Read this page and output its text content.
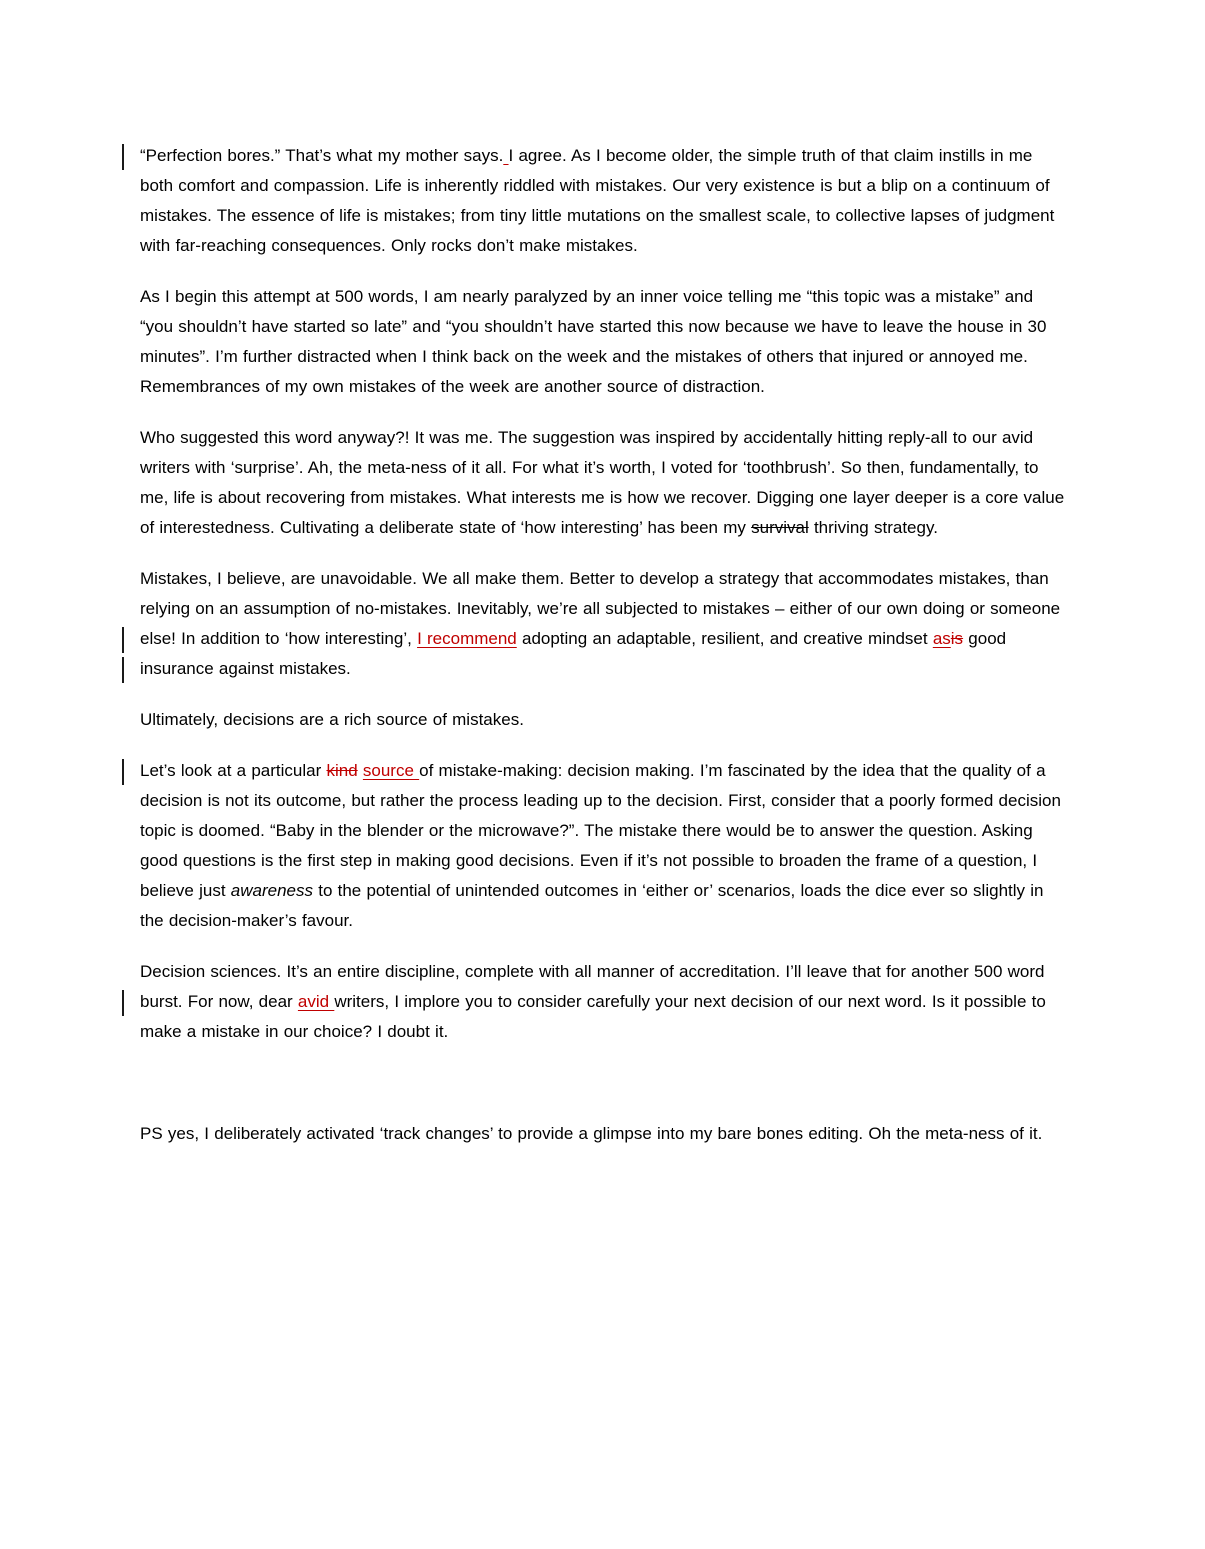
“Perfection bores.” That’s what my mother says. I agree. As I become older, the simple truth of that claim instills in me both comfort and compassion. Life is inherently riddled with mistakes. Our very existence is but a blip on a continuum of mistakes. The essence of life is mistakes; from tiny little mutations on the smallest scale, to collective lapses of judgment with far-reaching consequences. Only rocks don’t make mistakes.

As I begin this attempt at 500 words, I am nearly paralyzed by an inner voice telling me “this topic was a mistake” and “you shouldn’t have started so late” and “you shouldn’t have started this now because we have to leave the house in 30 minutes”. I’m further distracted when I think back on the week and the mistakes of others that injured or annoyed me. Remembrances of my own mistakes of the week are another source of distraction.

Who suggested this word anyway?! It was me. The suggestion was inspired by accidentally hitting reply-all to our avid writers with ‘surprise’. Ah, the meta-ness of it all. For what it’s worth, I voted for ‘toothbrush’. So then, fundamentally, to me, life is about recovering from mistakes. What interests me is how we recover. Digging one layer deeper is a core value of interestedness. Cultivating a deliberate state of ‘how interesting’ has been my survival thriving strategy.

Mistakes, I believe, are unavoidable. We all make them. Better to develop a strategy that accommodates mistakes, than relying on an assumption of no-mistakes. Inevitably, we’re all subjected to mistakes – either of our own doing or someone else! In addition to ‘how interesting’, I recommend adopting an adaptable, resilient, and creative mindset asis good insurance against mistakes.

Ultimately, decisions are a rich source of mistakes.

Let’s look at a particular kind source of mistake-making: decision making. I’m fascinated by the idea that the quality of a decision is not its outcome, but rather the process leading up to the decision. First, consider that a poorly formed decision topic is doomed. “Baby in the blender or the microwave?”. The mistake there would be to answer the question. Asking good questions is the first step in making good decisions. Even if it’s not possible to broaden the frame of a question, I believe just awareness to the potential of unintended outcomes in ‘either or’ scenarios, loads the dice ever so slightly in the decision-maker’s favour.

Decision sciences. It’s an entire discipline, complete with all manner of accreditation. I’ll leave that for another 500 word burst. For now, dear avid writers, I implore you to consider carefully your next decision of our next word. Is it possible to make a mistake in our choice? I doubt it.

PS yes, I deliberately activated ‘track changes’ to provide a glimpse into my bare bones editing. Oh the meta-ness of it.
